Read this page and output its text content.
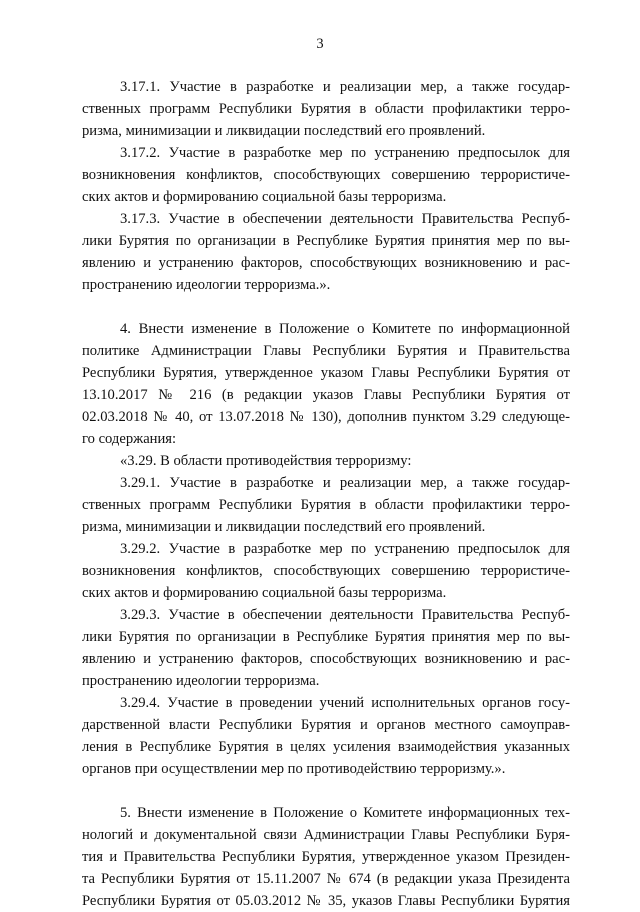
3
3.17.1. Участие в разработке и реализации мер, а также государ-
ственных программ Республики Бурятия в области профилактики терро-
ризма, минимизации и ликвидации последствий его проявлений.
3.17.2. Участие в разработке мер по устранению предпосылок для
возникновения конфликтов, способствующих совершению террористиче-
ских актов и формированию социальной базы терроризма.
3.17.3. Участие в обеспечении деятельности Правительства Респуб-
лики Бурятия по организации в Республике Бурятия принятия мер по вы-
явлению и устранению факторов, способствующих возникновению и рас-
пространению идеологии терроризма.».
4. Внести изменение в Положение о Комитете по информационной
политике Администрации Главы Республики Бурятия и Правительства
Республики Бурятия, утвержденное указом Главы Республики Бурятия от
13.10.2017 № 216 (в редакции указов Главы Республики Бурятия от
02.03.2018 № 40, от 13.07.2018 № 130), дополнив пунктом 3.29 следующе-
го содержания:
«3.29. В области противодействия терроризму:
3.29.1. Участие в разработке и реализации мер, а также государ-
ственных программ Республики Бурятия в области профилактики терро-
ризма, минимизации и ликвидации последствий его проявлений.
3.29.2. Участие в разработке мер по устранению предпосылок для
возникновения конфликтов, способствующих совершению террористиче-
ских актов и формированию социальной базы терроризма.
3.29.3. Участие в обеспечении деятельности Правительства Респуб-
лики Бурятия по организации в Республике Бурятия принятия мер по вы-
явлению и устранению факторов, способствующих возникновению и рас-
пространению идеологии терроризма.
3.29.4. Участие в проведении учений исполнительных органов госу-
дарственной власти Республики Бурятия и органов местного самоуправ-
ления в Республике Бурятия в целях усиления взаимодействия указанных
органов при осуществлении мер по противодействию терроризму.».
5. Внести изменение в Положение о Комитете информационных тех-
нологий и документальной связи Администрации Главы Республики Буря-
тия и Правительства Республики Бурятия, утвержденное указом Президен-
та Республики Бурятия от 15.11.2007 № 674 (в редакции указа Президента
Республики Бурятия от 05.03.2012 № 35, указов Главы Республики Бурятия
